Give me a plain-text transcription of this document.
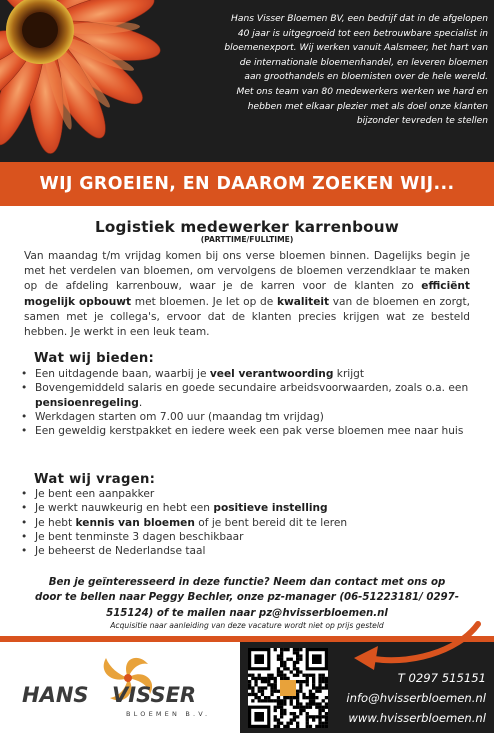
Hans Visser Bloemen BV, een bedrijf dat in de afgelopen
40 jaar is uitgegroeid tot een betrouwbare specialist in
bloemenexport. Wij werken vanuit Aalsmeer, het hart van
de internationale bloemenhandel, en leveren bloemen
aan groothandels en bloemisten over de hele wereld.
Met ons team van 80 medewerkers werken we hard en
hebben met elkaar plezier met als doel onze klanten
bijzonder tevreden te stellen
WIJ GROEIEN, EN DAAROM ZOEKEN WIJ...
Logistiek medewerker karrenbouw
(PARTTIME/FULLTIME)

Van maandag t/m vrijdag komen bij ons verse bloemen binnen. Dagelijks begin je met het verdelen van bloemen, om vervolgens de bloemen verzendklaar te maken op de afdeling karrenbouw, waar je de karren voor de klanten zo efficiënt mogelijk opbouwt met bloemen. Je let op de kwaliteit van de bloemen en zorgt, samen met je collega's, ervoor dat de klanten precies krijgen wat ze besteld hebben. Je werkt in een leuk team.

Wat wij bieden:
• Een uitdagende baan, waarbij je veel verantwoording krijgt
• Bovengemiddeld salaris en goede secundaire arbeidsvoorwaarden, zoals o.a. een pensioenregeling.
• Werkdagen starten om 7.00 uur (maandag tm vrijdag)
• Een geweldig kerstpakket en iedere week een pak verse bloemen mee naar huis
Wat wij vragen:
• Je bent een aanpakker
• Je werkt nauwkeurig en hebt een positieve instelling
• Je hebt kennis van bloemen of je bent bereid dit te leren
• Je bent tenminste 3 dagen beschikbaar
• Je beheerst de Nederlandse taal
Ben je geïnteresseerd in deze functie? Neem dan contact met ons op
door te bellen naar Peggy Bechler, onze pz-manager (06-51223181/ 0297-
515124) of te mailen naar pz@hvisserbloemen.nl
Acquisitie naar aanleiding van deze vacature wordt niet op prijs gesteld
HANS VISSER
BLOEMEN B.V.
T 0297 515151
info@hvisserbloemen.nl
www.hvisserbloemen.nl
